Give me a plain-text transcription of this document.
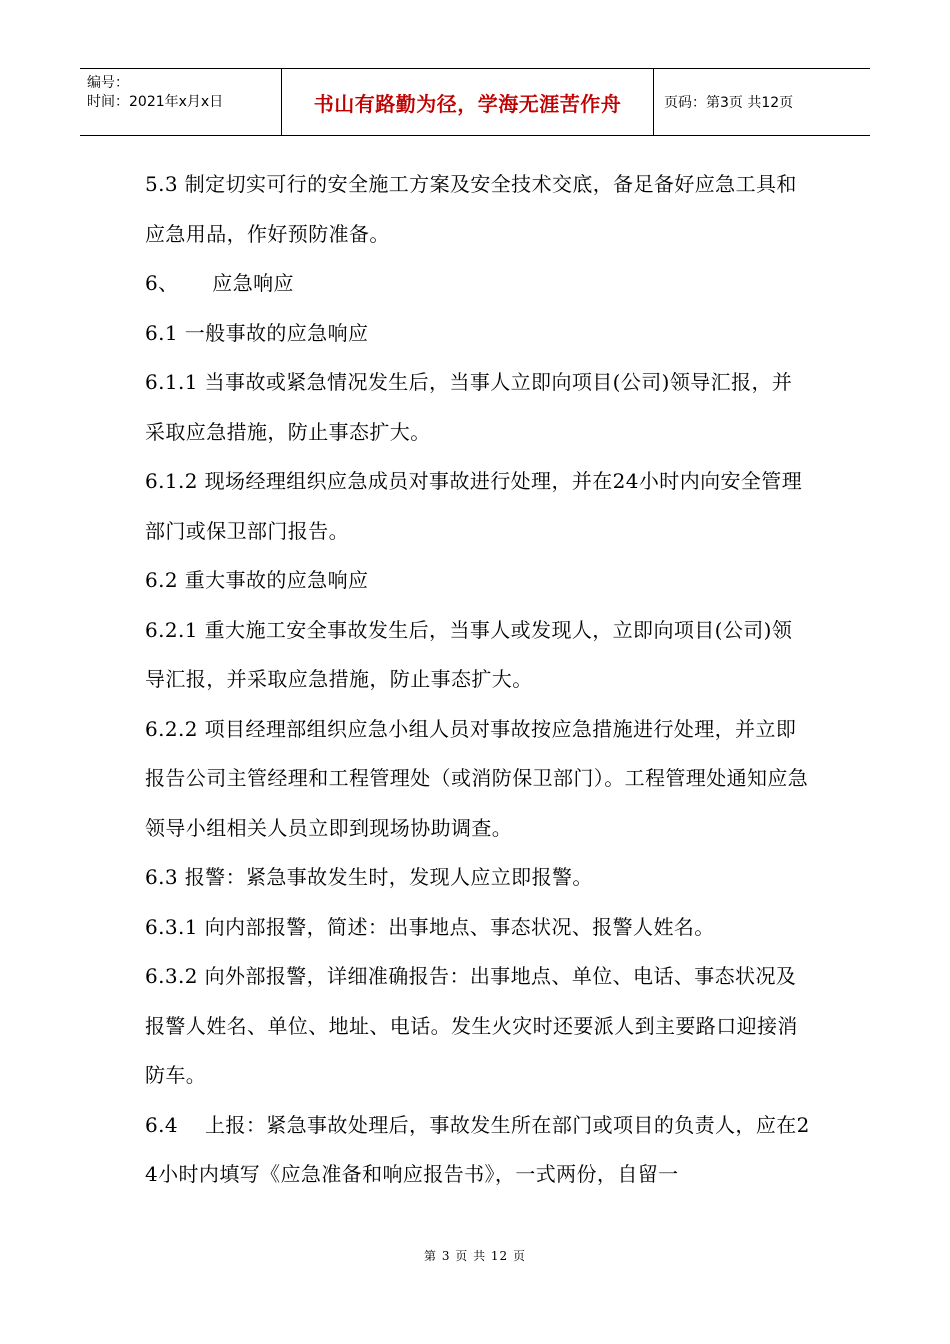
编号：
时间：2021年x月x日	书山有路勤为径，学海无涯苦作舟	页码：第3页 共12页

5.3 制定切实可行的安全施工方案及安全技术交底，备足备好应急工具和应急用品，作好预防准备。

6、     应急响应

6.1 一般事故的应急响应

6.1.1 当事故或紧急情况发生后，当事人立即向项目(公司)领导汇报，并采取应急措施，防止事态扩大。

6.1.2 现场经理组织应急成员对事故进行处理，并在24小时内向安全管理部门或保卫部门报告。

6.2 重大事故的应急响应

6.2.1 重大施工安全事故发生后，当事人或发现人，立即向项目(公司)领导汇报，并采取应急措施，防止事态扩大。

6.2.2 项目经理部组织应急小组人员对事故按应急措施进行处理，并立即报告公司主管经理和工程管理处（或消防保卫部门）。工程管理处通知应急领导小组相关人员立即到现场协助调查。

6.3 报警：紧急事故发生时，发现人应立即报警。

6.3.1 向内部报警，简述：出事地点、事态状况、报警人姓名。

6.3.2 向外部报警，详细准确报告：出事地点、单位、电话、事态状况及报警人姓名、单位、地址、电话。发生火灾时还要派人到主要路口迎接消防车。

6.4    上报：紧急事故处理后，事故发生所在部门或项目的负责人，应在24小时内填写《应急准备和响应报告书》，一式两份，自留一

第 3 页 共 12 页
